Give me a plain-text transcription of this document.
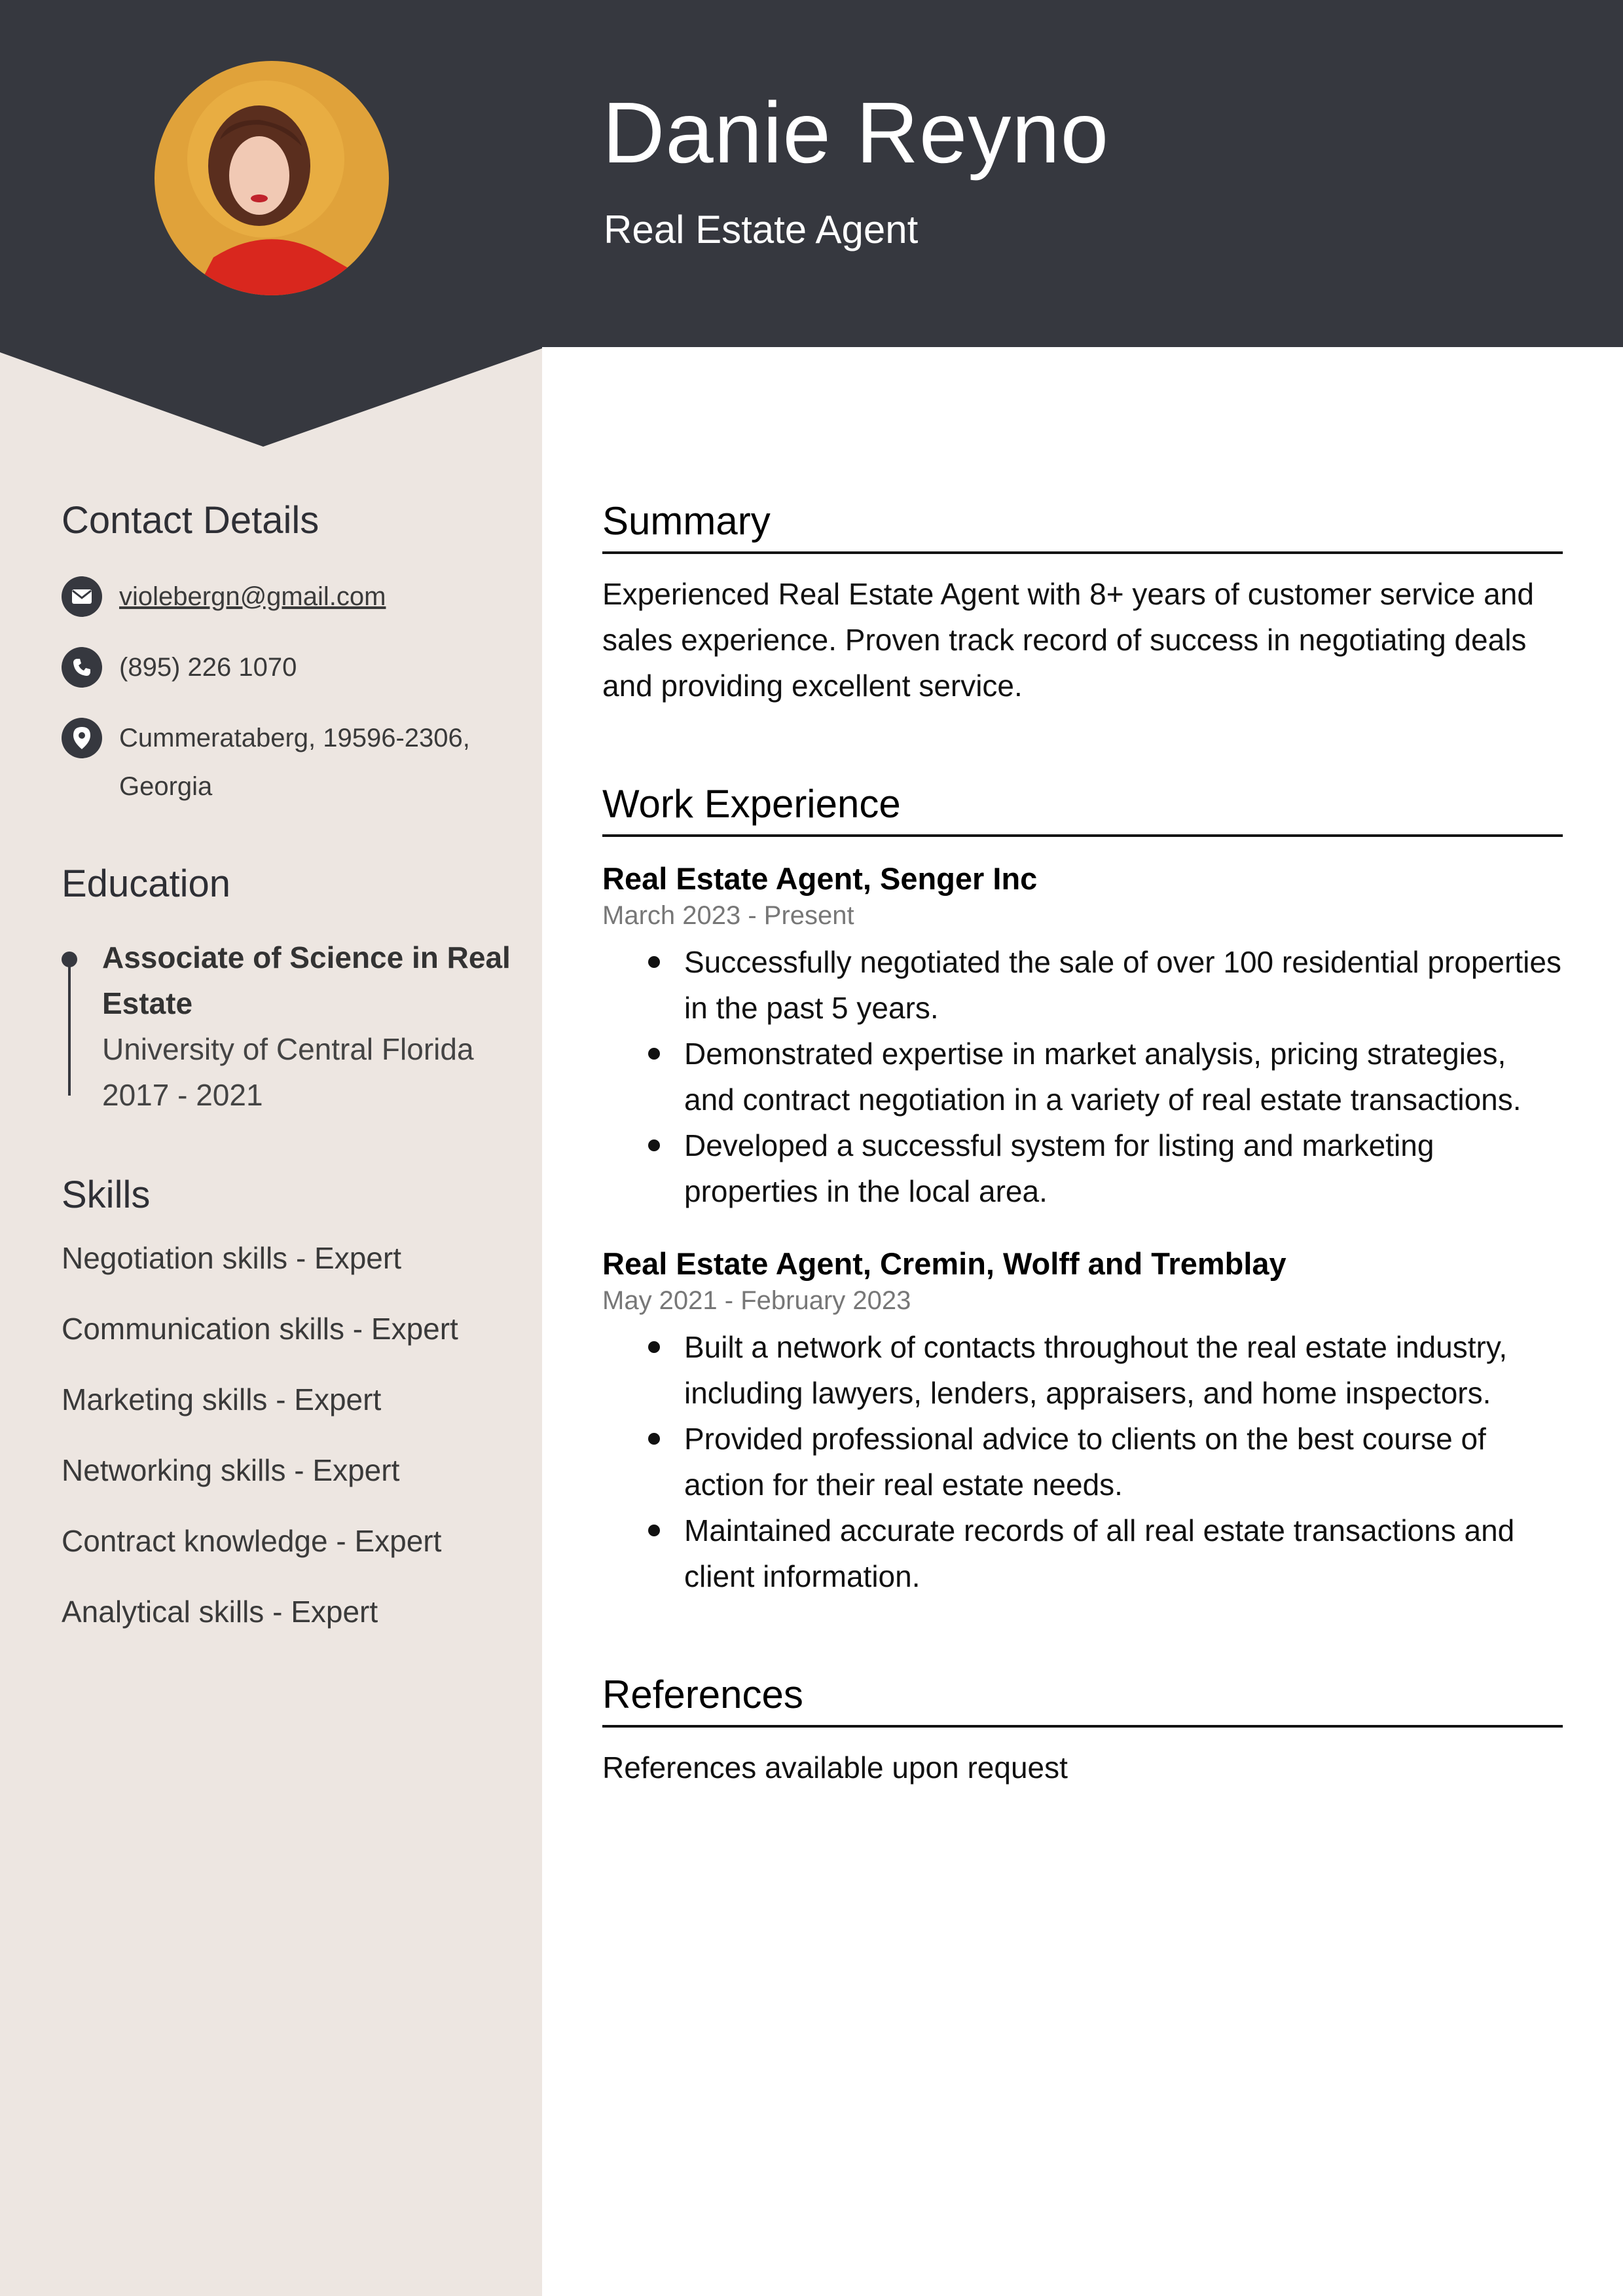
Danie Reyno
Real Estate Agent
Contact Details
violebergn@gmail.com
(895) 226 1070
Cummerataberg, 19596-2306,
Georgia
Education
Associate of Science in Real
Estate
University of Central Florida
2017 - 2021
Skills
Negotiation skills - Expert
Communication skills - Expert
Marketing skills - Expert
Networking skills - Expert
Contract knowledge - Expert
Analytical skills - Expert
Summary

Experienced Real Estate Agent with 8+ years of customer service and
sales experience. Proven track record of success in negotiating deals
and providing excellent service.

Work Experience
Real Estate Agent, Senger Inc
March 2023 - Present
Successfully negotiated the sale of over 100 residential properties
in the past 5 years.
Demonstrated expertise in market analysis, pricing strategies,
and contract negotiation in a variety of real estate transactions.
Developed a successful system for listing and marketing
properties in the local area.
Real Estate Agent, Cremin, Wolff and Tremblay
May 2021 - February 2023
Built a network of contacts throughout the real estate industry,
including lawyers, lenders, appraisers, and home inspectors.
Provided professional advice to clients on the best course of
action for their real estate needs.
Maintained accurate records of all real estate transactions and
client information.
References

References available upon request
